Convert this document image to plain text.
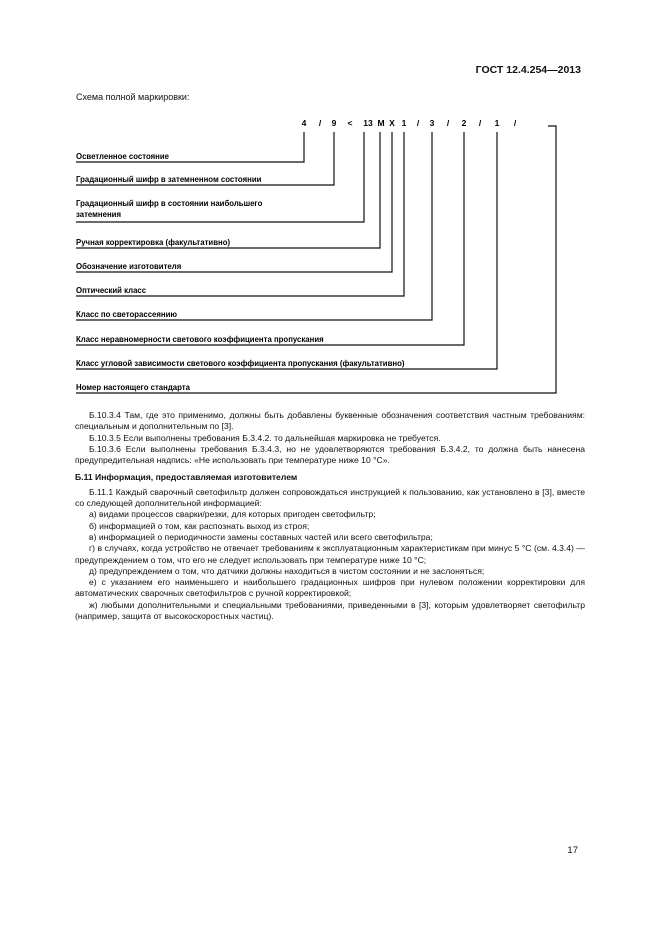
ГОСТ 12.4.254—2013
Схема полной маркировки:
4 / 9 < 13 М Х 1 / 3 / 2 / 1 /
Осветленное состояние
Градационный шифр в затемненном состоянии
Градационный шифр в состоянии наибольшего
затемнения
Ручная корректировка (факультативно)
Обозначение изготовителя
Оптический класс
Класс по светорассеянию
Класс неравномерности светового коэффициента пропускания
Класс угловой зависимости светового коэффициента пропускания (факультативно)
Номер настоящего стандарта

Б.10.3.4 Там, где это применимо, должны быть добавлены буквенные обозначения соответствия частным требованиям: специальным и дополнительным по [3].

Б.10.3.5 Если выполнены требования Б.3.4.2. то дальнейшая маркировка не требуется.

Б.10.3.6 Если выполнены требования Б.3.4.3, но не удовлетворяются требования Б.3.4.2, то должна быть нанесена предупредительная надпись: «Не использовать при температуре ниже 10 °С».

Б.11 Информация, предоставляемая изготовителем

Б.11.1 Каждый сварочный светофильтр должен сопровождаться инструкцией к пользованию, как установлено в [3], вместе со следующей дополнительной информацией:

а) видами процессов сварки/резки, для которых пригоден светофильтр;

б) информацией о том, как распознать выход из строя;

в) информацией о периодичности замены составных частей или всего светофильтра;

г) в случаях, когда устройство не отвечает требованиям к эксплуатационным характеристикам при минус 5 °С (см. 4.3.4) — предупреждением о том, что его не следует использовать при температуре ниже 10 °С;

д) предупреждением о том, что датчики должны находиться в чистом состоянии и не заслоняться;

е) с указанием его наименьшего и наибольшего градационных шифров при нулевом положении корректировки для автоматических сварочных светофильтров с ручной корректировкой;

ж) любыми дополнительными и специальными требованиями, приведенными в [3], которым удовлетворяет светофильтр (например, защита от высокоскоростных частиц).

17
